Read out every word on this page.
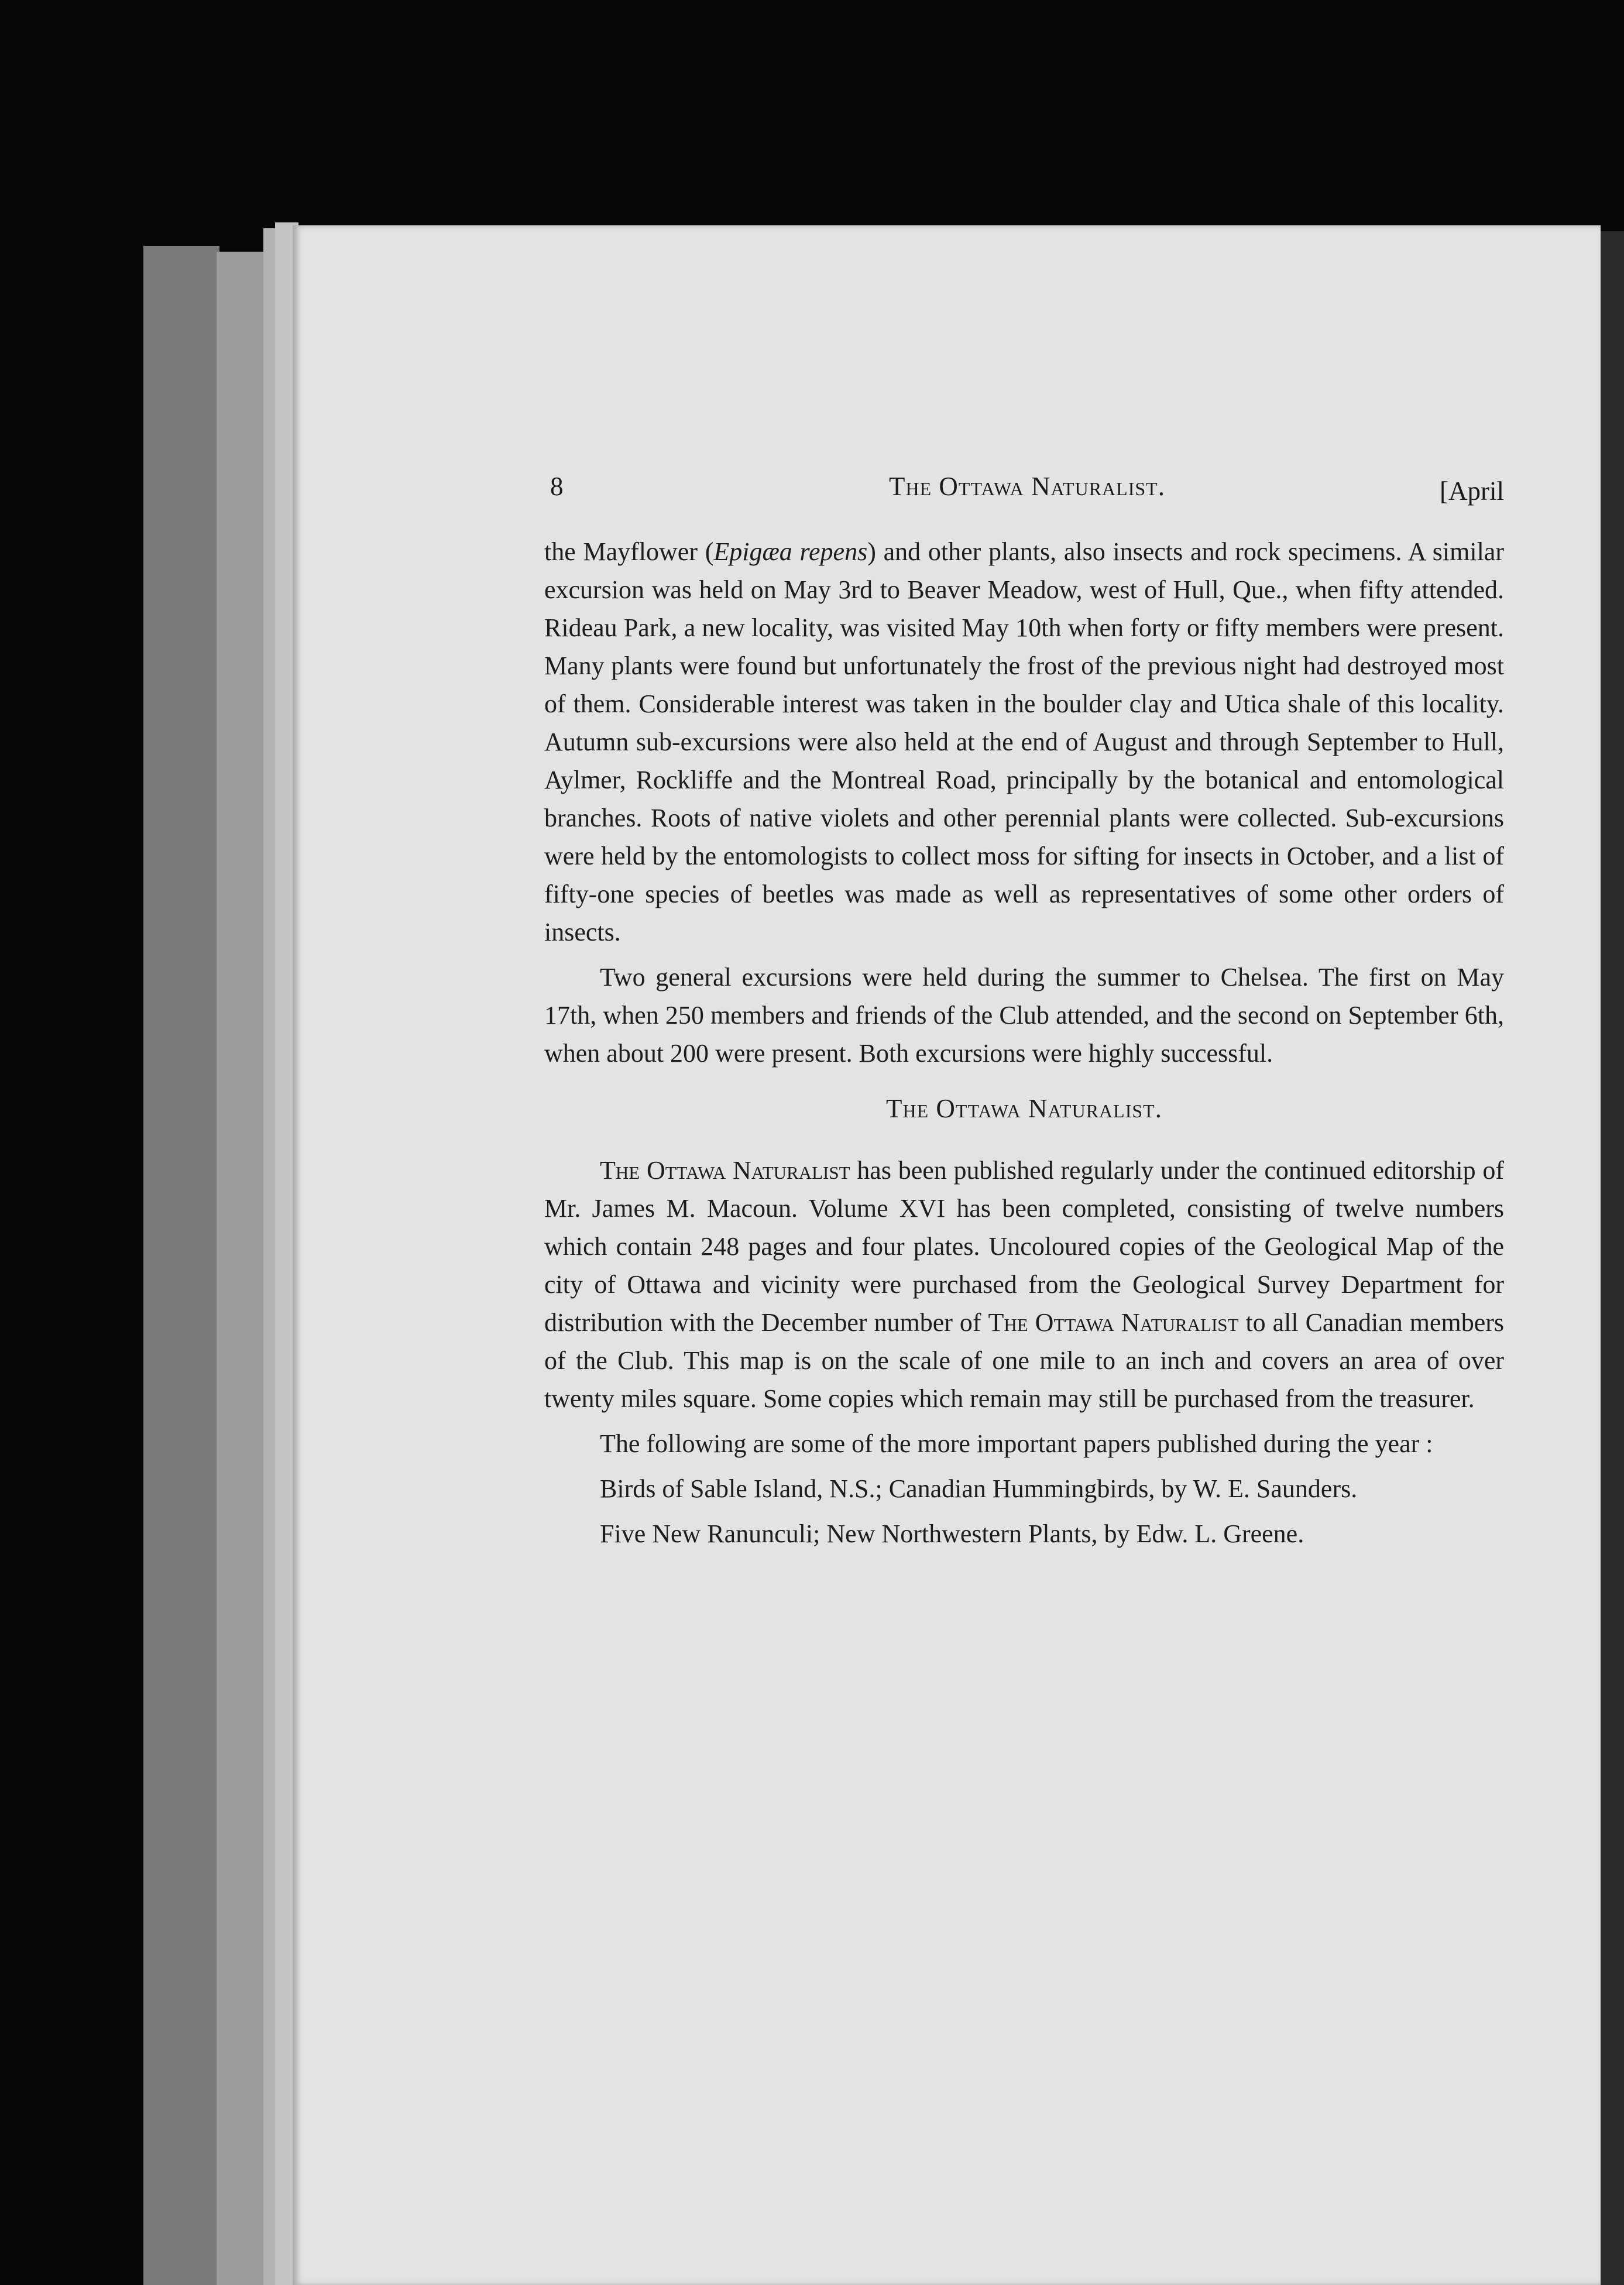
8	The Ottawa Naturalist.	[April

the Mayflower (Epigæa repens) and other plants, also insects and rock specimens. A similar excursion was held on May 3rd to Beaver Meadow, west of Hull, Que., when fifty attended. Rideau Park, a new locality, was visited May 10th when forty or fifty members were present. Many plants were found but unfortunately the frost of the previous night had destroyed most of them. Considerable interest was taken in the boulder clay and Utica shale of this locality. Autumn sub-excursions were also held at the end of August and through September to Hull, Aylmer, Rockliffe and the Montreal Road, principally by the botanical and entomological branches. Roots of native violets and other perennial plants were collected. Sub-excursions were held by the entomologists to collect moss for sifting for insects in October, and a list of fifty-one species of beetles was made as well as representatives of some other orders of insects.

Two general excursions were held during the summer to Chelsea. The first on May 17th, when 250 members and friends of the Club attended, and the second on September 6th, when about 200 were present. Both excursions were highly successful.

The Ottawa Naturalist.

The Ottawa Naturalist has been published regularly under the continued editorship of Mr. James M. Macoun. Volume XVI has been completed, consisting of twelve numbers which contain 248 pages and four plates. Uncoloured copies of the Geological Map of the city of Ottawa and vicinity were purchased from the Geological Survey Department for distribution with the December number of The Ottawa Naturalist to all Canadian members of the Club. This map is on the scale of one mile to an inch and covers an area of over twenty miles square. Some copies which remain may still be purchased from the treasurer.

The following are some of the more important papers published during the year :

Birds of Sable Island, N.S.; Canadian Hummingbirds, by W. E. Saunders.

Five New Ranunculi; New Northwestern Plants, by Edw. L. Greene.
